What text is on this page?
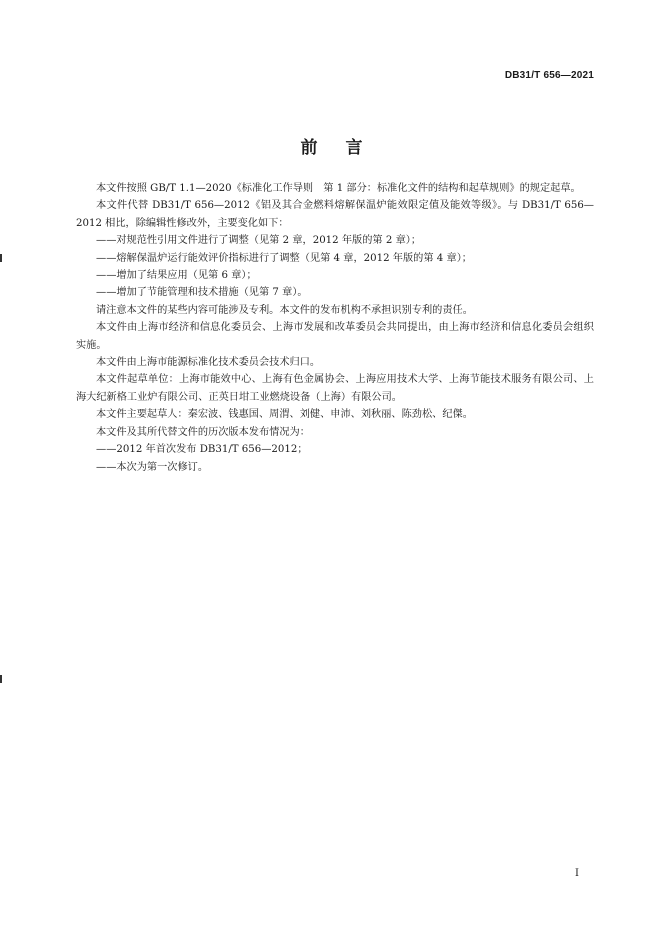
DB31/T 656—2021
前言

本文件按照 GB/T 1.1—2020《标准化工作导则　第 1 部分：标准化文件的结构和起草规则》的规定起草。

本文件代替 DB31/T 656—2012《铝及其合金燃料熔解保温炉能效限定值及能效等级》。与 DB31/T 656—2012 相比，除编辑性修改外，主要变化如下：

——对规范性引用文件进行了调整（见第 2 章，2012 年版的第 2 章）；

——熔解保温炉运行能效评价指标进行了调整（见第 4 章，2012 年版的第 4 章）；

——增加了结果应用（见第 6 章）；

——增加了节能管理和技术措施（见第 7 章）。

请注意本文件的某些内容可能涉及专利。本文件的发布机构不承担识别专利的责任。

本文件由上海市经济和信息化委员会、上海市发展和改革委员会共同提出，由上海市经济和信息化委员会组织实施。

本文件由上海市能源标准化技术委员会技术归口。

本文件起草单位：上海市能效中心、上海有色金属协会、上海应用技术大学、上海节能技术服务有限公司、上海大纪新格工业炉有限公司、正英日坩工业燃烧设备（上海）有限公司。

本文件主要起草人：秦宏波、钱惠国、周渭、刘健、申沛、刘秋丽、陈劲松、纪傑。

本文件及其所代替文件的历次版本发布情况为：

——2012 年首次发布 DB31/T 656—2012；

——本次为第一次修订。

I
